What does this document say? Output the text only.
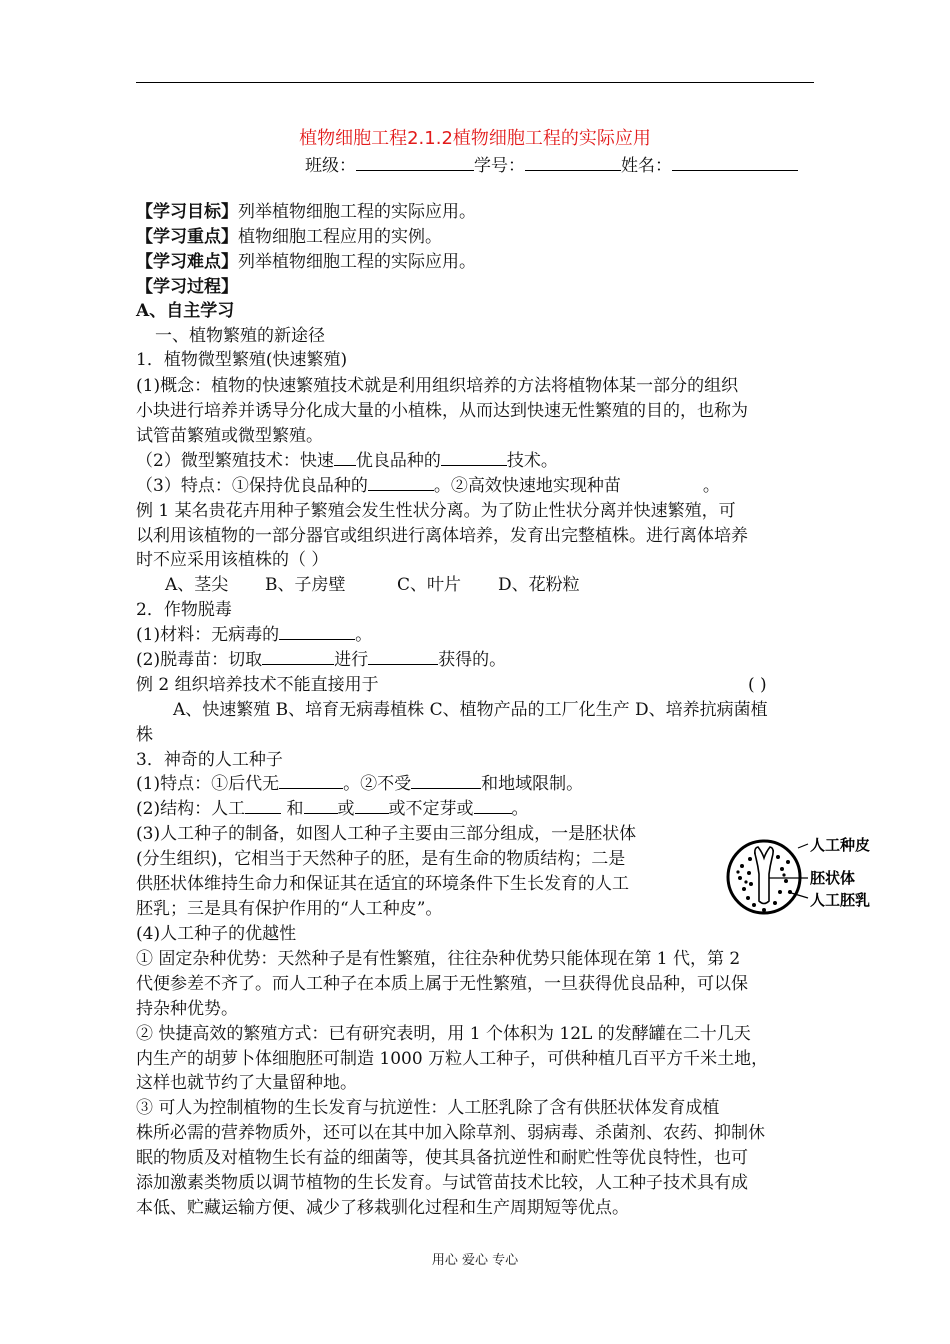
植物细胞工程2.1.2植物细胞工程的实际应用
班级：	学号：	姓名：
【学习目标】列举植物细胞工程的实际应用。
【学习重点】植物细胞工程应用的实例。
【学习难点】列举植物细胞工程的实际应用。
【学习过程】
A、自主学习
一、植物繁殖的新途径
1．植物微型繁殖(快速繁殖)
(1)概念：植物的快速繁殖技术就是利用组织培养的方法将植物体某一部分的组织
小块进行培养并诱导分化成大量的小植株，从而达到快速无性繁殖的目的，也称为
试管苗繁殖或微型繁殖。
（2）微型繁殖技术：快速 优良品种的	技术。
（3）特点：①保持优良品种的	。②高效快速地实现种苗	。
例 1 某名贵花卉用种子繁殖会发生性状分离。为了防止性状分离并快速繁殖，可
以利用该植物的一部分器官或组织进行离体培养，发育出完整植株。进行离体培养
时不应采用该植株的（ ）
A、茎尖 B、子房壁	C、叶片 D、花粉粒
2．作物脱毒
(1)材料：无病毒的	。
(2)脱毒苗：切取	进行	获得的。
例 2 组织培养技术不能直接用于	( )
A、快速繁殖 B、培育无病毒植株 C、植物产品的工厂化生产 D、培养抗病菌植
株
3．神奇的人工种子
(1)特点：①后代无	。②不受	和地域限制。
(2)结构：人工 和 或 或不定芽或 。
(3)人工种子的制备，如图人工种子主要由三部分组成，一是胚状体
(分生组织)，它相当于天然种子的胚，是有生命的物质结构；二是
供胚状体维持生命力和保证其在适宜的环境条件下生长发育的人工
胚乳；三是具有保护作用的“人工种皮”。
人工种皮
胚状体
人工胚乳
(4)人工种子的优越性
① 固定杂种优势：天然种子是有性繁殖，往往杂种优势只能体现在第 1 代，第 2
代便参差不齐了。而人工种子在本质上属于无性繁殖，一旦获得优良品种，可以保
持杂种优势。
② 快捷高效的繁殖方式：已有研究表明，用 1 个体积为 12L 的发酵罐在二十几天
内生产的胡萝卜体细胞胚可制造 1000 万粒人工种子，可供种植几百平方千米土地，
这样也就节约了大量留种地。
③ 可人为控制植物的生长发育与抗逆性：人工胚乳除了含有供胚状体发育成植
株所必需的营养物质外，还可以在其中加入除草剂、弱病毒、杀菌剂、农药、抑制休
眠的物质及对植物生长有益的细菌等，使其具备抗逆性和耐贮性等优良特性，也可
添加激素类物质以调节植物的生长发育。与试管苗技术比较，人工种子技术具有成
本低、贮藏运输方便、减少了移栽驯化过程和生产周期短等优点。
用心 爱心 专心
